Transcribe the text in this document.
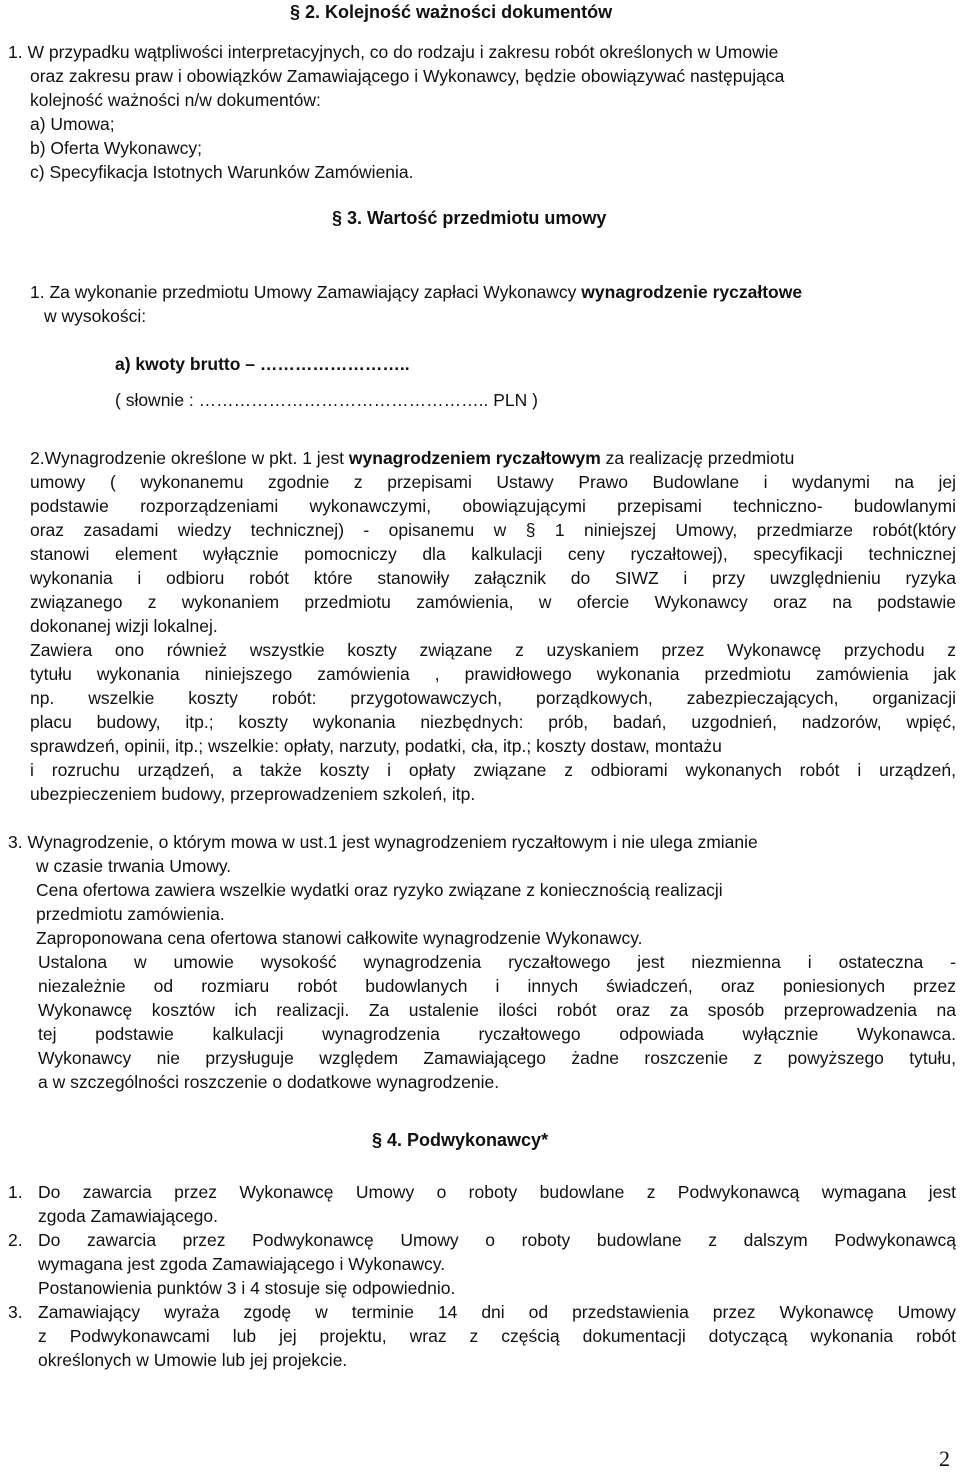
§ 2. Kolejność ważności dokumentów
1. W przypadku wątpliwości interpretacyjnych, co do rodzaju i zakresu robót określonych w Umowie
oraz zakresu praw i obowiązków Zamawiającego i Wykonawcy, będzie obowiązywać następująca
kolejność ważności n/w dokumentów:
a) Umowa;
b) Oferta Wykonawcy;
c) Specyfikacja Istotnych Warunków Zamówienia.
§ 3. Wartość przedmiotu umowy
1. Za wykonanie przedmiotu Umowy Zamawiający zapłaci Wykonawcy wynagrodzenie ryczałtowe
w wysokości:
a) kwoty brutto – ……………………..
( słownie : ………………………………………….. PLN )
2.Wynagrodzenie określone w pkt. 1 jest wynagrodzeniem ryczałtowym za realizację przedmiotu
umowy ( wykonanemu zgodnie z przepisami Ustawy Prawo Budowlane i wydanymi na jej
podstawie rozporządzeniami wykonawczymi, obowiązującymi przepisami techniczno- budowlanymi
oraz zasadami wiedzy technicznej) - opisanemu w § 1 niniejszej Umowy, przedmiarze robót(który
stanowi element wyłącznie pomocniczy dla kalkulacji ceny ryczałtowej), specyfikacji technicznej
wykonania i odbioru robót które stanowiły załącznik do SIWZ i przy uwzględnieniu ryzyka
związanego z wykonaniem przedmiotu zamówienia, w ofercie Wykonawcy oraz na podstawie
dokonanej wizji lokalnej.
Zawiera ono również wszystkie koszty związane z uzyskaniem przez Wykonawcę przychodu z
tytułu wykonania niniejszego zamówienia , prawidłowego wykonania przedmiotu zamówienia jak
np. wszelkie koszty robót: przygotowawczych, porządkowych, zabezpieczających, organizacji
placu budowy, itp.; koszty wykonania niezbędnych: prób, badań, uzgodnień, nadzorów, wpięć,
sprawdzeń, opinii, itp.; wszelkie: opłaty, narzuty, podatki, cła, itp.; koszty dostaw, montażu
i rozruchu urządzeń, a także koszty i opłaty związane z odbiorami wykonanych robót i urządzeń,
ubezpieczeniem budowy, przeprowadzeniem szkoleń, itp.
3. Wynagrodzenie, o którym mowa w ust.1 jest wynagrodzeniem ryczałtowym i nie ulega zmianie
w czasie trwania Umowy.
Cena ofertowa zawiera wszelkie wydatki oraz ryzyko związane z koniecznością realizacji
przedmiotu zamówienia.
Zaproponowana cena ofertowa stanowi całkowite wynagrodzenie Wykonawcy.
Ustalona w umowie wysokość wynagrodzenia ryczałtowego jest niezmienna i ostateczna -
niezależnie od rozmiaru robót budowlanych i innych świadczeń, oraz poniesionych przez
Wykonawcę kosztów ich realizacji. Za ustalenie ilości robót oraz za sposób przeprowadzenia na
tej podstawie kalkulacji wynagrodzenia ryczałtowego odpowiada wyłącznie Wykonawca.
Wykonawcy nie przysługuje względem Zamawiającego żadne roszczenie z powyższego tytułu,
a w szczególności roszczenie o dodatkowe wynagrodzenie.
§ 4. Podwykonawcy*
1. Do zawarcia przez Wykonawcę Umowy o roboty budowlane z Podwykonawcą wymagana jest
zgoda Zamawiającego.
2. Do zawarcia przez Podwykonawcę Umowy o roboty budowlane z dalszym Podwykonawcą
wymagana jest zgoda Zamawiającego i Wykonawcy.
Postanowienia punktów 3 i 4 stosuje się odpowiednio.
3. Zamawiający wyraża zgodę w terminie 14 dni od przedstawienia przez Wykonawcę Umowy
z Podwykonawcami lub jej projektu, wraz z częścią dokumentacji dotyczącą wykonania robót
określonych w Umowie lub jej projekcie.
2
